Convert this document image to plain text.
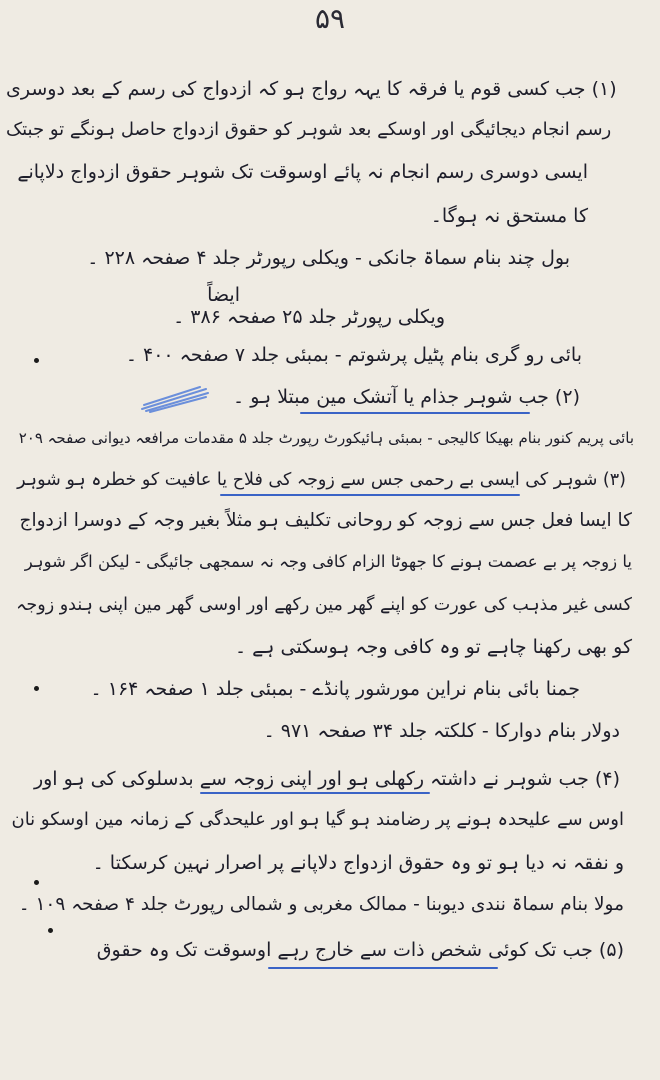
۵۹
(۱) جب کسی قوم یا فرقہ کا یہہ رواج ہو کہ ازدواج کی رسم کے بعد دوسری
رسم انجام دیجائیگی اور اوسکے بعد شوہر کو حقوق ازدواج حاصل ہونگے تو جبتک
ایسی دوسری رسم انجام نہ پائے اوسوقت تک شوہر حقوق ازدواج دلاپانے
کا مستحق نہ ہوگا۔
بول چند بنام سماۃ جانکی - ویکلی رپورٹر جلد ۴ صفحہ ۲۲۸ ۔
ایضاً
ویکلی رپورٹر جلد ۲۵ صفحہ ۳۸۶ ۔
بائی رو گری بنام پٹیل پرشوتم - بمبئی جلد ۷ صفحہ ۴۰۰ ۔
(۲) جب شوہر جذام یا آتشک مین مبتلا ہو ۔
بائی پریم کنور بنام بھیکا کالیجی - بمبئی ہائیکورٹ رپورٹ جلد ۵ مقدمات مرافعہ دیوانی صفحہ ۲۰۹
(۳) شوہر کی ایسی بے رحمی جس سے زوجہ کی فلاح یا عافیت کو خطرہ ہو شوہر
کا ایسا فعل جس سے زوجہ کو روحانی تکلیف ہو مثلاً بغیر وجہ کے دوسرا ازدواج
یا زوجہ پر بے عصمت ہونے کا جھوٹا الزام کافی وجہ نہ سمجھی جائیگی - لیکن اگر شوہر
کسی غیر مذہب کی عورت کو اپنے گھر مین رکھے اور اوسی گھر مین اپنی ہندو زوجہ
کو بھی رکھنا چاہے تو وہ کافی وجہ ہوسکتی ہے ۔
جمنا بائی بنام نراین مورشور پانڈے - بمبئی جلد ۱ صفحہ ۱۶۴ ۔
دولار بنام دوارکا - کلکتہ جلد ۳۴ صفحہ ۹۷۱ ۔
(۴) جب شوہر نے داشتہ رکھلی ہو اور اپنی زوجہ سے بدسلوکی کی ہو اور
اوس سے علیحدہ ہونے پر رضامند ہو گیا ہو اور علیحدگی کے زمانہ مین اوسکو نان
و نفقہ نہ دیا ہو تو وہ حقوق ازدواج دلاپانے پر اصرار نہین کرسکتا ۔
مولا بنام سماۃ نندی دیوبنا - ممالک مغربی و شمالی رپورٹ جلد ۴ صفحہ ۱۰۹ ۔
(۵) جب تک کوئی شخص ذات سے خارج رہے اوسوقت تک وہ حقوق
